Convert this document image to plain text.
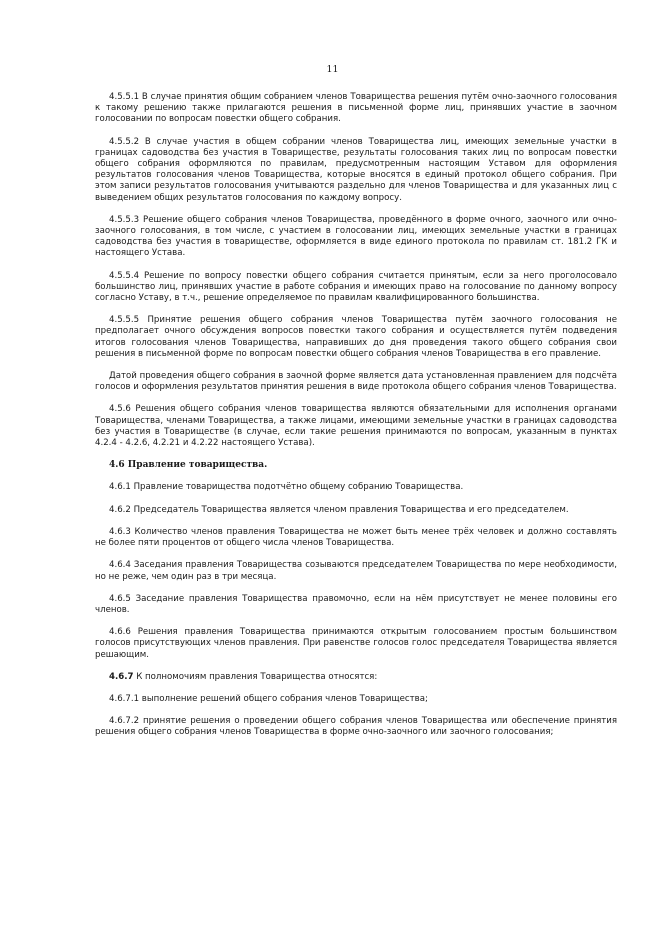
11

4.5.5.1 В случае принятия общим собранием членов Товарищества решения путём очно-заочного голосования к такому решению также прилагаются решения в письменной форме лиц, принявших участие в заочном голосовании по вопросам повестки общего собрания.

4.5.5.2 В случае участия в общем собрании членов Товарищества лиц, имеющих земельные участки в границах садоводства без участия в Товариществе, результаты голосования таких лиц по вопросам повестки общего собрания оформляются по правилам, предусмотренным настоящим Уставом для оформления результатов голосования членов Товарищества, которые вносятся в единый протокол общего собрания. При этом записи результатов голосования учитываются раздельно для членов Товарищества и для указанных лиц с выведением общих результатов голосования по каждому вопросу.

4.5.5.3 Решение общего собрания членов Товарищества, проведённого в форме очного, заочного или очно-заочного голосования, в том числе, с участием в голосовании лиц, имеющих земельные участки в границах садоводства без участия в товариществе, оформляется в виде единого протокола по правилам ст. 181.2 ГК и настоящего Устава.

4.5.5.4 Решение по вопросу повестки общего собрания считается принятым, если за него проголосовало большинство лиц, принявших участие в работе собрания и имеющих право на голосование по данному вопросу согласно Уставу, в т.ч., решение определяемое по правилам квалифицированного большинства.

4.5.5.5 Принятие решения общего собрания членов Товарищества путём заочного голосования не предполагает очного обсуждения вопросов повестки такого собрания и осуществляется путём подведения итогов голосования членов Товарищества, направивших до дня проведения такого общего собрания свои решения в письменной форме по вопросам повестки общего собрания членов Товарищества в его правление.

Датой проведения общего собрания в заочной форме является дата установленная правлением для подсчёта голосов и оформления результатов принятия решения в виде протокола общего собрания членов Товарищества.

4.5.6 Решения общего собрания членов товарищества являются обязательными для исполнения органами Товарищества, членами Товарищества, а также лицами, имеющими земельные участки в границах садоводства без участия в Товариществе (в случае, если такие решения принимаются по вопросам, указанным в пунктах 4.2.4 - 4.2.6, 4.2.21 и 4.2.22 настоящего Устава).

4.6 Правление товарищества.

4.6.1 Правление товарищества подотчётно общему собранию Товарищества.

4.6.2 Председатель Товарищества является членом правления Товарищества и его председателем.

4.6.3 Количество членов правления Товарищества не может быть менее трёх человек и должно составлять не более пяти процентов от общего числа членов Товарищества.

4.6.4 Заседания правления Товарищества созываются председателем Товарищества по мере необходимости, но не реже, чем один раз в три месяца.

4.6.5 Заседание правления Товарищества правомочно, если на нём присутствует не менее половины его членов.

4.6.6 Решения правления Товарищества принимаются открытым голосованием простым большинством голосов присутствующих членов правления. При равенстве голосов голос председателя Товарищества является решающим.

4.6.7 К полномочиям правления Товарищества относятся:

4.6.7.1 выполнение решений общего собрания членов Товарищества;

4.6.7.2 принятие решения о проведении общего собрания членов Товарищества или обеспечение принятия решения общего собрания членов Товарищества в форме очно-заочного или заочного голосования;
